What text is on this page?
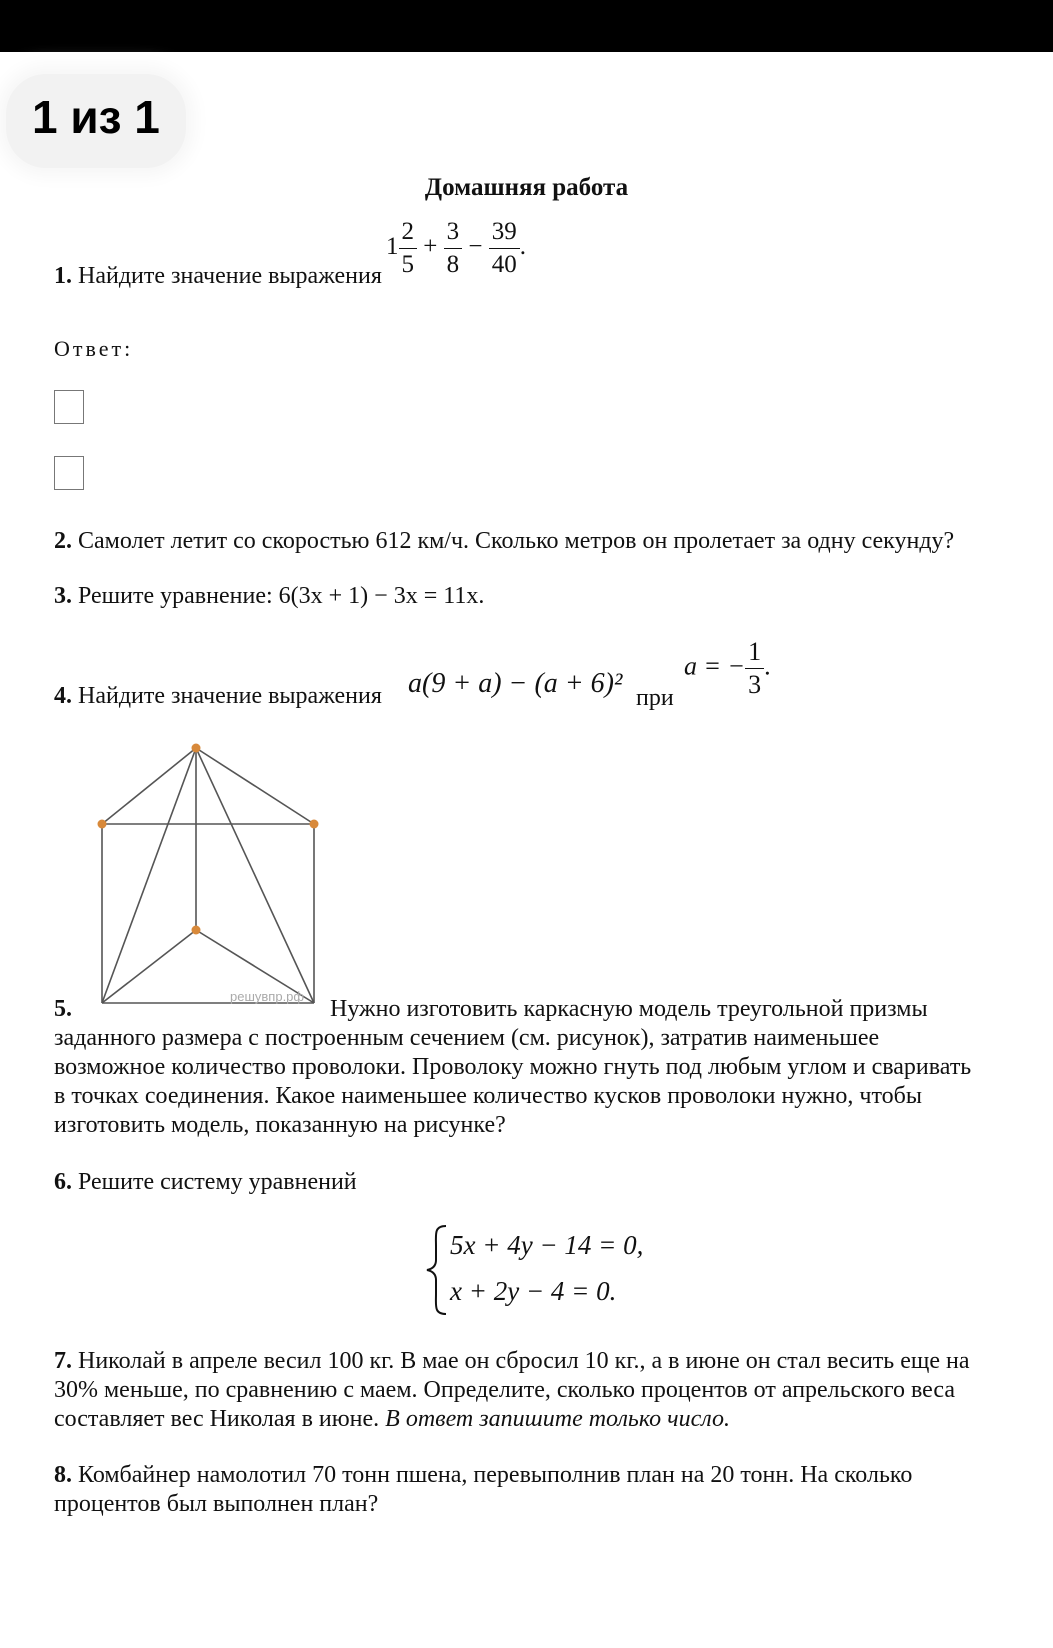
1 из 1
Домашняя работа
1. Найдите значение выражения
$1 \frac{2}{5} + \frac{3}{8} - \frac{39}{40}$ .
Ответ:
2. Самолет летит со скоростью 612 км/ч. Сколько метров он пролетает за одну секунду?
3. Решите уравнение: 6(3x + 1) − 3x = 11x.
4. Найдите значение выражения a(9 + a) − (a + 6)² при
a = − $\frac{1}{3}$ .
решувпр.рф
5.	Нужно изготовить каркасную модель треугольной призмы
заданного размера с построенным сечением (см. рисунок), затратив наименьшее
возможное количество проволоки. Проволоку можно гнуть под любым углом и сваривать
в точках соединения. Какое наименьшее количество кусков проволоки нужно, чтобы
изготовить модель, показанную на рисунке?
6. Решите систему уравнений
5x + 4y − 14 = 0,
x + 2y − 4 = 0.
7. Николай в апреле весил 100 кг. В мае он сбросил 10 кг., а в июне он стал весить еще на
30% меньше, по сравнению с маем. Определите, сколько процентов от апрельского веса
составляет вес Николая в июне. В ответ запишите только число.
8. Комбайнер намолотил 70 тонн пшена, перевыполнив план на 20 тонн. На сколько
процентов был выполнен план?
